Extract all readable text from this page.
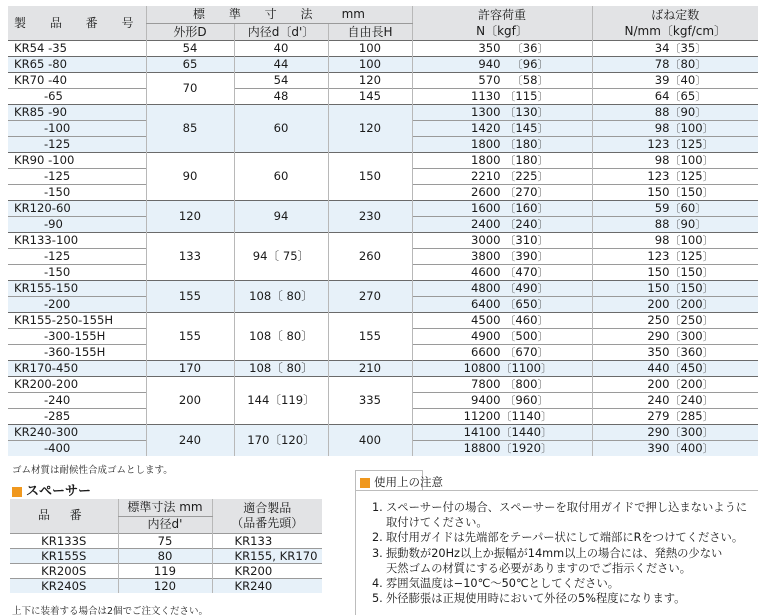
製 品 番 号	標 準 寸 法 mm			許容荷重	ばね定数
	外形D	内径d〔d'〕	自由長H	N〔kgf〕	N/mm〔kgf/cm〕
KR54 -35	54	40	100	350 〔36〕	34 〔35〕

KR65 -80	65	44	100	940 〔96〕	78 〔80〕

KR70 -40	70	54	120	570 〔58〕	39 〔40〕

-65		48	145	1130 〔115〕	64 〔65〕

KR85 -90	85	60	120	1300 〔130〕	88 〔90〕

-100				1420 〔145〕	98 〔100〕

-125				1800 〔180〕	123 〔125〕

KR90 -100	90	60	150	1800 〔180〕	98 〔100〕

-125				2210 〔225〕	123 〔125〕

-150				2600 〔270〕	150 〔150〕

KR120-60	120	94	230	1600 〔160〕	59 〔60〕

-90				2400 〔240〕	88 〔90〕

KR133-100	133	94〔 75〕	260	3000 〔310〕	98 〔100〕

-125				3800 〔390〕	123 〔125〕

-150				4600 〔470〕	150 〔150〕

KR155-150	155	108〔 80〕	270	4800 〔490〕	150 〔150〕

-200				6400 〔650〕	200 〔200〕

KR155-250-155H	155	108〔 80〕	155	4500 〔460〕	250 〔250〕

-300-155H				4900 〔500〕	290 〔300〕

-360-155H				6600 〔670〕	350 〔360〕

KR170-450	170	108〔 80〕	210	10800 〔1100〕	440 〔450〕

KR200-200	200	144〔119〕	335	7800 〔800〕	200 〔200〕

-240				9400 〔960〕	240 〔240〕

-285				11200 〔1140〕	279 〔285〕

KR240-300	240	170〔120〕	400	14100 〔1440〕	290 〔300〕

-400				18800 〔1920〕	390 〔400〕
ゴム材質は耐候性合成ゴムとします。
スペーサー
品 番	標準寸法 mm	適合製品
（品番先頭）
	内径d'	
KR133S	75	KR133
KR155S	80	KR155, KR170
KR200S	119	KR200
KR240S	120	KR240
上下に装着する場合は2個でご注文ください。
使用上の注意
1. スペーサー付の場合、スペーサーを取付用ガイドで押し込まないように
取付けてください。
2. 取付用ガイドは先端部をテーパー状にして端部にRをつけてください。
3. 振動数が20Hz以上か振幅が14mm以上の場合には、発熱の少ない
天然ゴムの材質にする必要がありますのでご指示ください。
4. 雰囲気温度は−10℃〜50℃としてください。
5. 外径膨張は正規使用時において外径の5%程度になります。
